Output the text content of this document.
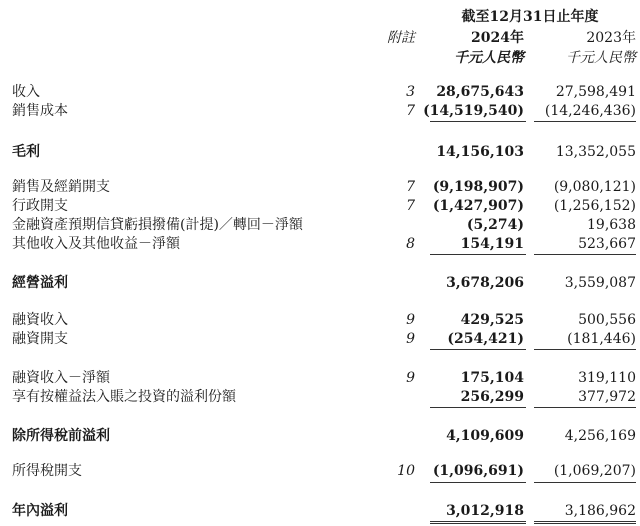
截至12月31日止年度
附註	2024年	2023年
千元人民幣	千元人民幣
收入	3	28,675,643	27,598,491
銷售成本	7 (14,519,540)	(14,246,436)
毛利	14,156,103	13,352,055
銷售及經銷開支	7	(9,198,907)	(9,080,121)
行政開支	7	(1,427,907)	(1,256,152)
金融資產預期信貸虧損撥備(計提)／轉回－淨額	(5,274)	19,638
其他收入及其他收益－淨額	8	154,191	523,667
經營溢利	3,678,206	3,559,087
融資收入	9	429,525	500,556
融資開支	9	(254,421)	(181,446)
融資收入－淨額	9	175,104	319,110
享有按權益法入賬之投資的溢利份額	256,299	377,972
除所得稅前溢利	4,109,609	4,256,169
所得稅開支	10	(1,096,691)	(1,069,207)
年內溢利	3,012,918	3,186,962
